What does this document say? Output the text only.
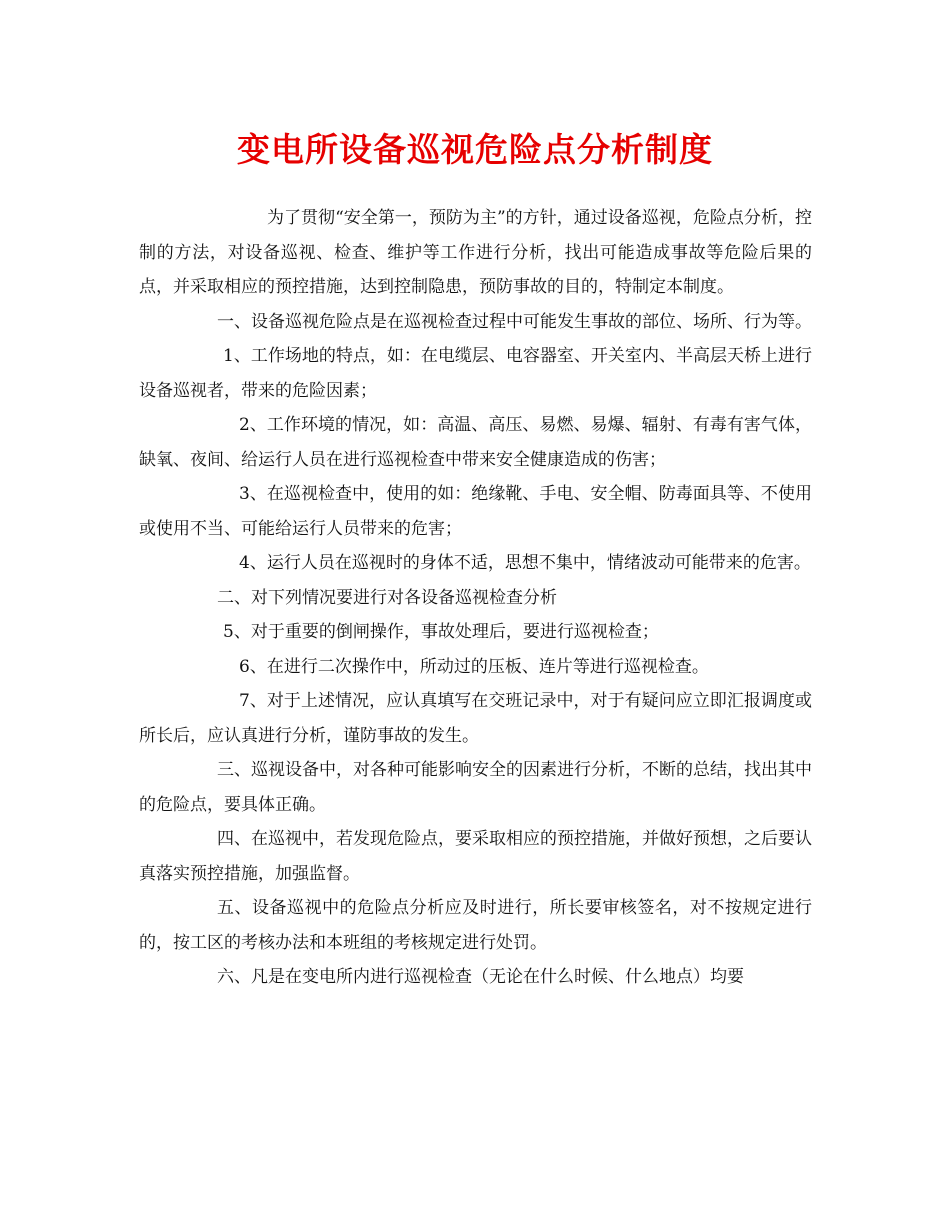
变电所设备巡视危险点分析制度

为了贯彻“安全第一，预防为主”的方针，通过设备巡视，危险点分析，控制的方法，对设备巡视、检查、维护等工作进行分析，找出可能造成事故等危险后果的点，并采取相应的预控措施，达到控制隐患，预防事故的目的，特制定本制度。

一、设备巡视危险点是在巡视检查过程中可能发生事故的部位、场所、行为等。

1、工作场地的特点，如：在电缆层、电容器室、开关室内、半高层天桥上进行设备巡视者，带来的危险因素；

2、工作环境的情况，如：高温、高压、易燃、易爆、辐射、有毒有害气体，缺氧、夜间、给运行人员在进行巡视检查中带来安全健康造成的伤害；

3、在巡视检查中，使用的如：绝缘靴、手电、安全帽、防毒面具等、不使用或使用不当、可能给运行人员带来的危害；

4、运行人员在巡视时的身体不适，思想不集中，情绪波动可能带来的危害。

二、对下列情况要进行对各设备巡视检查分析

5、对于重要的倒闸操作，事故处理后，要进行巡视检查；

6、在进行二次操作中，所动过的压板、连片等进行巡视检查。

7、对于上述情况，应认真填写在交班记录中，对于有疑问应立即汇报调度或所长后，应认真进行分析，谨防事故的发生。

三、巡视设备中，对各种可能影响安全的因素进行分析，不断的总结，找出其中的危险点，要具体正确。

四、在巡视中，若发现危险点，要采取相应的预控措施，并做好预想，之后要认真落实预控措施，加强监督。

五、设备巡视中的危险点分析应及时进行，所长要审核签名，对不按规定进行的，按工区的考核办法和本班组的考核规定进行处罚。

六、凡是在变电所内进行巡视检查（无论在什么时候、什么地点）均要
